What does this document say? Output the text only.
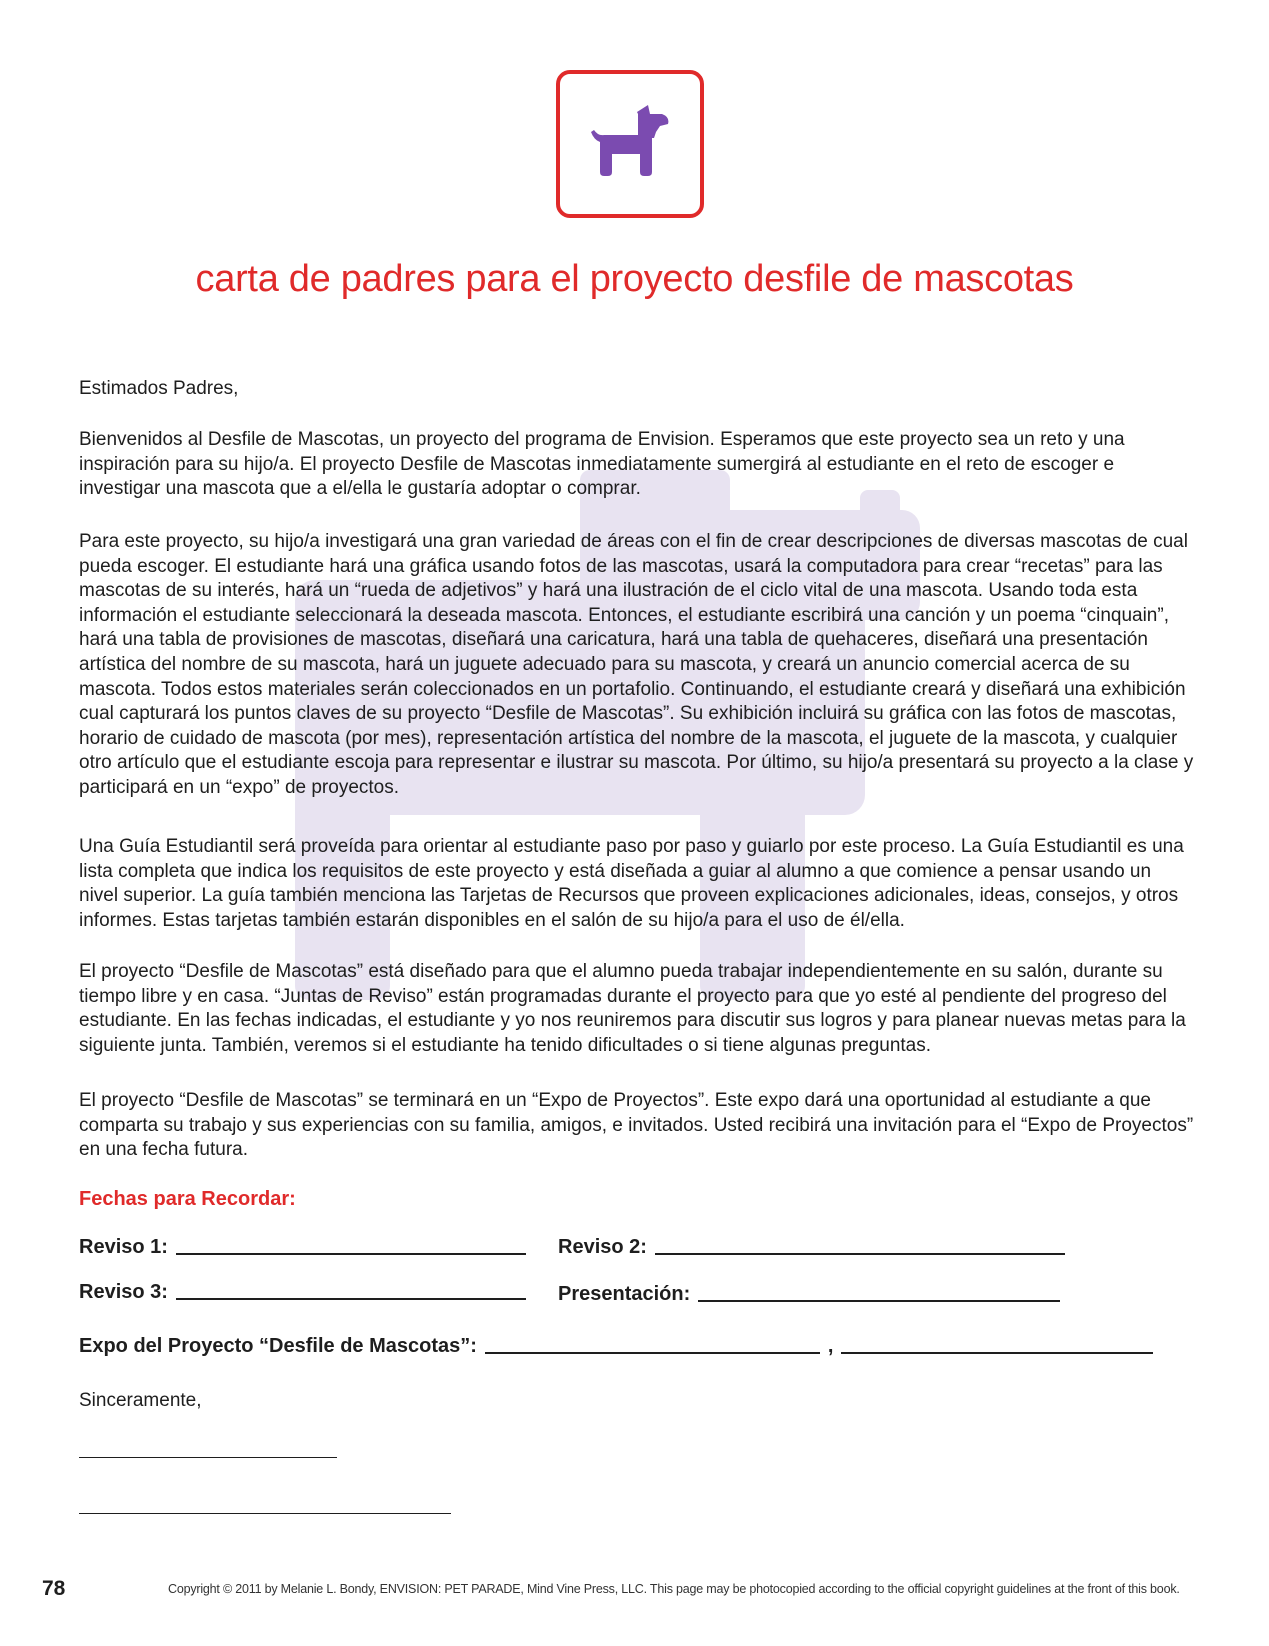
carta de padres para el proyecto desfile de mascotas

Estimados Padres,

Bienvenidos al Desfile de Mascotas, un proyecto del programa de Envision. Esperamos que este proyecto sea un reto y una inspiración para su hijo/a. El proyecto Desfile de Mascotas inmediatamente sumergirá al estudiante en el reto de escoger e investigar una mascota que a el/ella le gustaría adoptar o comprar.

Para este proyecto, su hijo/a investigará una gran variedad de áreas con el fin de crear descripciones de diversas mascotas de cual pueda escoger. El estudiante hará una gráfica usando fotos de las mascotas, usará la computadora para crear “recetas” para las mascotas de su interés, hará un “rueda de adjetivos” y hará una ilustración de el ciclo vital de una mascota. Usando toda esta información el estudiante seleccionará la deseada mascota. Entonces, el estudiante escribirá una canción y un poema “cinquain”, hará una tabla de provisiones de mascotas, diseñará una caricatura, hará una tabla de quehaceres, diseñará una presentación artística del nombre de su mascota, hará un juguete adecuado para su mascota, y creará un anuncio comercial acerca de su mascota. Todos estos materiales serán coleccionados en un portafolio. Continuando, el estudiante creará y diseñará una exhibición cual capturará los puntos claves de su proyecto “Desfile de Mascotas”. Su exhibición incluirá su gráfica con las fotos de mascotas, horario de cuidado de mascota (por mes), representación artística del nombre de la mascota, el juguete de la mascota, y cualquier otro artículo que el estudiante escoja para representar e ilustrar su mascota. Por último, su hijo/a presentará su proyecto a la clase y participará en un “expo” de proyectos.

Una Guía Estudiantil será proveída para orientar al estudiante paso por paso y guiarlo por este proceso. La Guía Estudiantil es una lista completa que indica los requisitos de este proyecto y está diseñada a guiar al alumno a que comience a pensar usando un nivel superior. La guía también menciona las Tarjetas de Recursos que proveen explicaciones adicionales, ideas, consejos, y otros informes. Estas tarjetas también estarán disponibles en el salón de su hijo/a para el uso de él/ella.

El proyecto “Desfile de Mascotas” está diseñado para que el alumno pueda trabajar independientemente en su salón, durante su tiempo libre y en casa. “Juntas de Reviso” están programadas durante el proyecto para que yo esté al pendiente del progreso del estudiante. En las fechas indicadas, el estudiante y yo nos reuniremos para discutir sus logros y para planear nuevas metas para la siguiente junta. También, veremos si el estudiante ha tenido dificultades o si tiene algunas preguntas.

El proyecto “Desfile de Mascotas” se terminará en un “Expo de Proyectos”. Este expo dará una oportunidad al estudiante a que comparta su trabajo y sus experiencias con su familia, amigos, e invitados. Usted recibirá una invitación para el “Expo de Proyectos” en una fecha futura.

Fechas para Recordar:

Reviso 1:	Reviso 2:
Reviso 3:	Presentación:
Expo del Proyecto “Desfile de Mascotas”:	,

Sinceramente,

78	Copyright © 2011 by Melanie L. Bondy, ENVISION: PET PARADE, Mind Vine Press, LLC. This page may be photocopied according to the official copyright guidelines at the front of this book.
